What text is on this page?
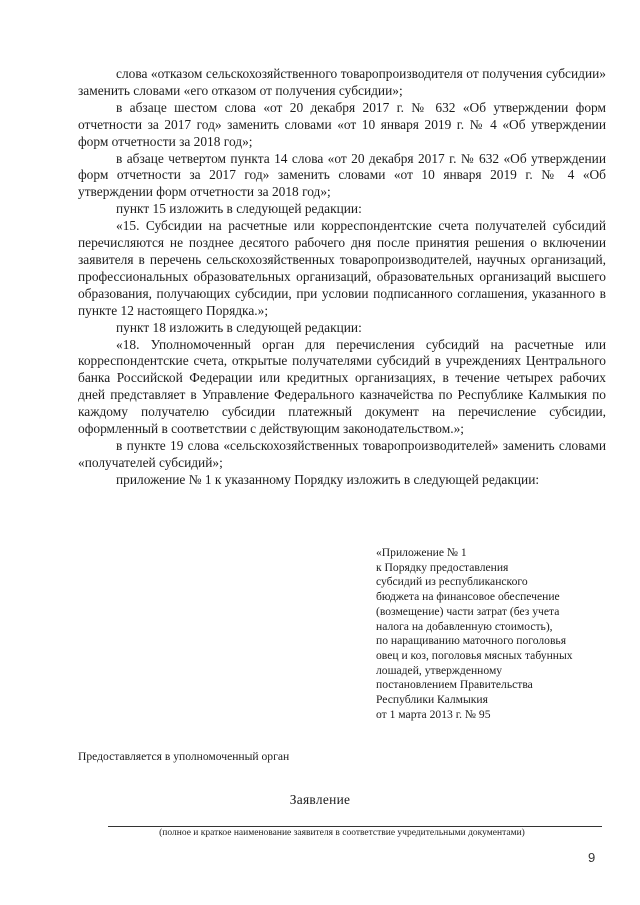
слова «отказом сельскохозяйственного товаропроизводителя от получения субсидии» заменить словами «его отказом от получения субсидии»;

в абзаце шестом слова «от 20 декабря 2017 г. № 632 «Об утверждении форм отчетности за 2017 год» заменить словами «от 10 января 2019 г. № 4 «Об утверждении форм отчетности за 2018 год»;

в абзаце четвертом пункта 14 слова «от 20 декабря 2017 г. № 632 «Об утверждении форм отчетности за 2017 год» заменить словами «от 10 января 2019 г. № 4 «Об утверждении форм отчетности за 2018 год»;

пункт 15 изложить в следующей редакции:

«15. Субсидии на расчетные или корреспондентские счета получателей субсидий перечисляются не позднее десятого рабочего дня после принятия решения о включении заявителя в перечень сельскохозяйственных товаропроизводителей, научных организаций, профессиональных образовательных организаций, образовательных организаций высшего образования, получающих субсидии, при условии подписанного соглашения, указанного в пункте 12 настоящего Порядка.»;

пункт 18 изложить в следующей редакции:

«18. Уполномоченный орган для перечисления субсидий на расчетные или корреспондентские счета, открытые получателями субсидий в учреждениях Центрального банка Российской Федерации или кредитных организациях, в течение четырех рабочих дней представляет в Управление Федерального казначейства по Республике Калмыкия по каждому получателю субсидии платежный документ на перечисление субсидии, оформленный в соответствии с действующим законодательством.»;

в пункте 19 слова «сельскохозяйственных товаропроизводителей» заменить словами «получателей субсидий»;

приложение № 1 к указанному Порядку изложить в следующей редакции:

«Приложение № 1
к Порядку предоставления
субсидий из республиканского
бюджета на финансовое обеспечение
(возмещение) части затрат (без учета
налога на добавленную стоимость),
по наращиванию маточного поголовья
овец и коз, поголовья мясных табунных
лошадей, утвержденному
постановлением Правительства
Республики Калмыкия
от 1 марта 2013 г. № 95
Предоставляется в уполномоченный орган
Заявление
(полное и краткое наименование заявителя в соответствие учредительными документами)
9
